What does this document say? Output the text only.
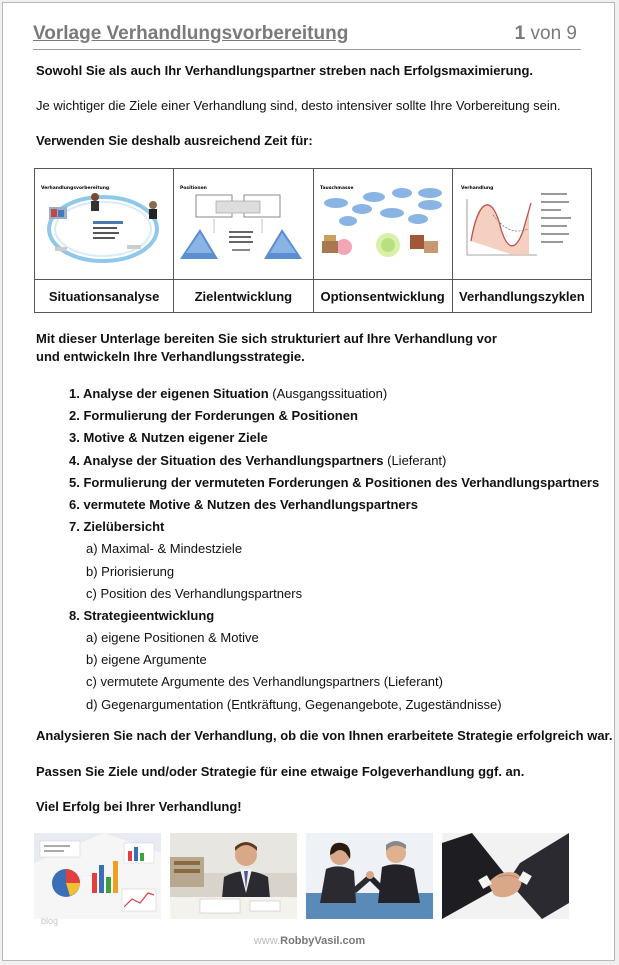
Vorlage Verhandlungsvorbereitung	1 von 9
Sowohl Sie als auch Ihr Verhandlungspartner streben nach Erfolgsmaximierung.
Je wichtiger die Ziele einer Verhandlung sind, desto intensiver sollte Ihre Vorbereitung sein.
Verwenden Sie deshalb ausreichend Zeit für:
Verhandlungsvorbereitung
Situationsanalyse
Positionen
Zielentwicklung
Tauschmasse
Optionsentwicklung
Verhandlung
Verhandlungszyklen
Mit dieser Unterlage bereiten Sie sich strukturiert auf Ihre Verhandlung vor
und entwickeln Ihre Verhandlungsstrategie.
1. Analyse der eigenen Situation (Ausgangssituation)
2. Formulierung der Forderungen & Positionen
3. Motive & Nutzen eigener Ziele
4. Analyse der Situation des Verhandlungspartners (Lieferant)
5. Formulierung der vermuteten Forderungen & Positionen des Verhandlungspartners
6. vermutete Motive & Nutzen des Verhandlungspartners
7. Zielübersicht
a) Maximal- & Mindestziele
b) Priorisierung
c) Position des Verhandlungspartners
8. Strategieentwicklung
a) eigene Positionen & Motive
b) eigene Argumente
c) vermutete Argumente des Verhandlungspartners (Lieferant)
d) Gegenargumentation (Entkräftung, Gegenangebote, Zugeständnisse)
Analysieren Sie nach der Verhandlung, ob die von Ihnen erarbeitete Strategie erfolgreich war.
Passen Sie Ziele und/oder Strategie für eine etwaige Folgeverhandlung ggf. an.
Viel Erfolg bei Ihrer Verhandlung!
blog
www.RobbyVasil.com
